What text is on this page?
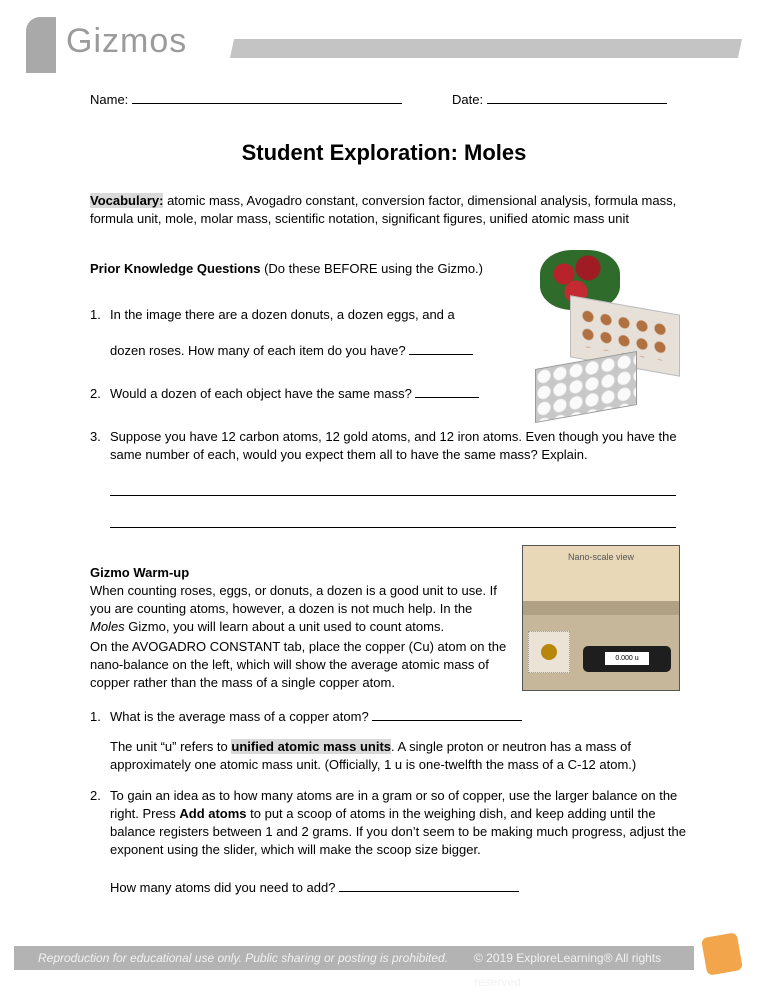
Gizmos
Name:	Date:
Student Exploration: Moles

Vocabulary: atomic mass, Avogadro constant, conversion factor, dimensional analysis, formula mass, formula unit, mole, molar mass, scientific notation, significant figures, unified atomic mass unit

Prior Knowledge Questions (Do these BEFORE using the Gizmo.)

1. In the image there are a dozen donuts, a dozen eggs, and a

dozen roses. How many of each item do you have?

2. Would a dozen of each object have the same mass?

3. Suppose you have 12 carbon atoms, 12 gold atoms, and 12 iron atoms. Even though you have the same number of each, would you expect them all to have the same mass? Explain.

Gizmo Warm-up

When counting roses, eggs, or donuts, a dozen is a good unit to use. If you are counting atoms, however, a dozen is not much help. In the Moles Gizmo, you will learn about a unit used to count atoms.

On the AVOGADRO CONSTANT tab, place the copper (Cu) atom on the nano-balance on the left, which will show the average atomic mass of copper rather than the mass of a single copper atom.

Nano-scale view
0.000 u

1. What is the average mass of a copper atom?

The unit “u” refers to unified atomic mass units. A single proton or neutron has a mass of approximately one atomic mass unit. (Officially, 1 u is one-twelfth the mass of a C-12 atom.)

2. To gain an idea as to how many atoms are in a gram or so of copper, use the larger balance on the right. Press Add atoms to put a scoop of atoms in the weighing dish, and keep adding until the balance registers between 1 and 2 grams. If you don’t seem to be making much progress, adjust the exponent using the slider, which will make the scoop size bigger.

How many atoms did you need to add?

Reproduction for educational use only. Public sharing or posting is prohibited. © 2019 ExploreLearning® All rights reserved
